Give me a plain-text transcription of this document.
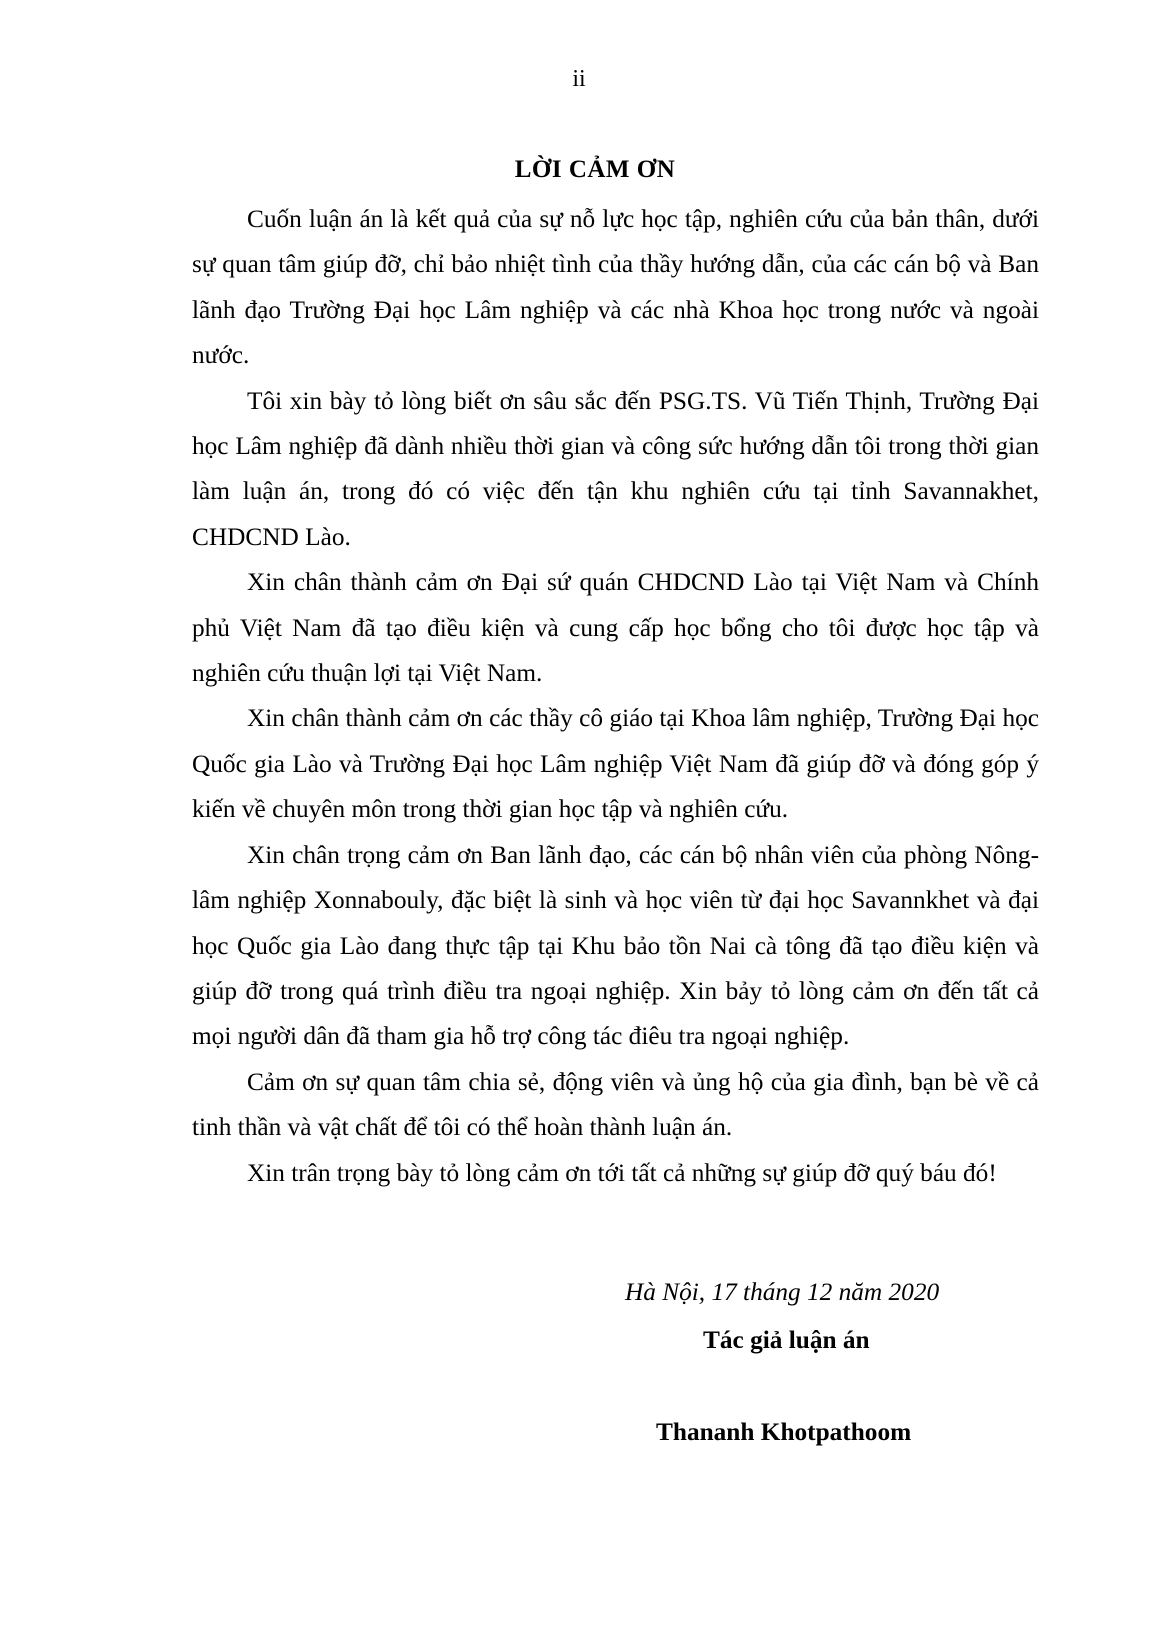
ii
LỜI CẢM ƠN

Cuốn luận án là kết quả của sự nỗ lực học tập, nghiên cứu của bản thân, dưới sự quan tâm giúp đỡ, chỉ bảo nhiệt tình của thầy hướng dẫn, của các cán bộ và Ban lãnh đạo Trường Đại học Lâm nghiệp và các nhà Khoa học trong nước và ngoài nước.

Tôi xin bày tỏ lòng biết ơn sâu sắc đến PSG.TS. Vũ Tiến Thịnh, Trường Đại học Lâm nghiệp đã dành nhiều thời gian và công sức hướng dẫn tôi trong thời gian làm luận án, trong đó có việc đến tận khu nghiên cứu tại tỉnh Savannakhet, CHDCND Lào.

Xin chân thành cảm ơn Đại sứ quán CHDCND Lào tại Việt Nam và Chính phủ Việt Nam đã tạo điều kiện và cung cấp học bổng cho tôi được học tập và nghiên cứu thuận lợi tại Việt Nam.

Xin chân thành cảm ơn các thầy cô giáo tại Khoa lâm nghiệp, Trường Đại học Quốc gia Lào và Trường Đại học Lâm nghiệp Việt Nam đã giúp đỡ và đóng góp ý kiến về chuyên môn trong thời gian học tập và nghiên cứu.

Xin chân trọng cảm ơn Ban lãnh đạo, các cán bộ nhân viên của phòng Nông-lâm nghiệp Xonnabouly, đặc biệt là sinh và học viên từ đại học Savannkhet và đại học Quốc gia Lào đang thực tập tại Khu bảo tồn Nai cà tông đã tạo điều kiện và giúp đỡ trong quá trình điều tra ngoại nghiệp. Xin bảy tỏ lòng cảm ơn đến tất cả mọi người dân đã tham gia hỗ trợ công tác điêu tra ngoại nghiệp.

Cảm ơn sự quan tâm chia sẻ, động viên và ủng hộ của gia đình, bạn bè về cả tinh thần và vật chất để tôi có thể hoàn thành luận án.

Xin trân trọng bày tỏ lòng cảm ơn tới tất cả những sự giúp đỡ quý báu đó!

Hà Nội, 17 tháng 12 năm 2020
Tác giả luận án
Thananh Khotpathoom
